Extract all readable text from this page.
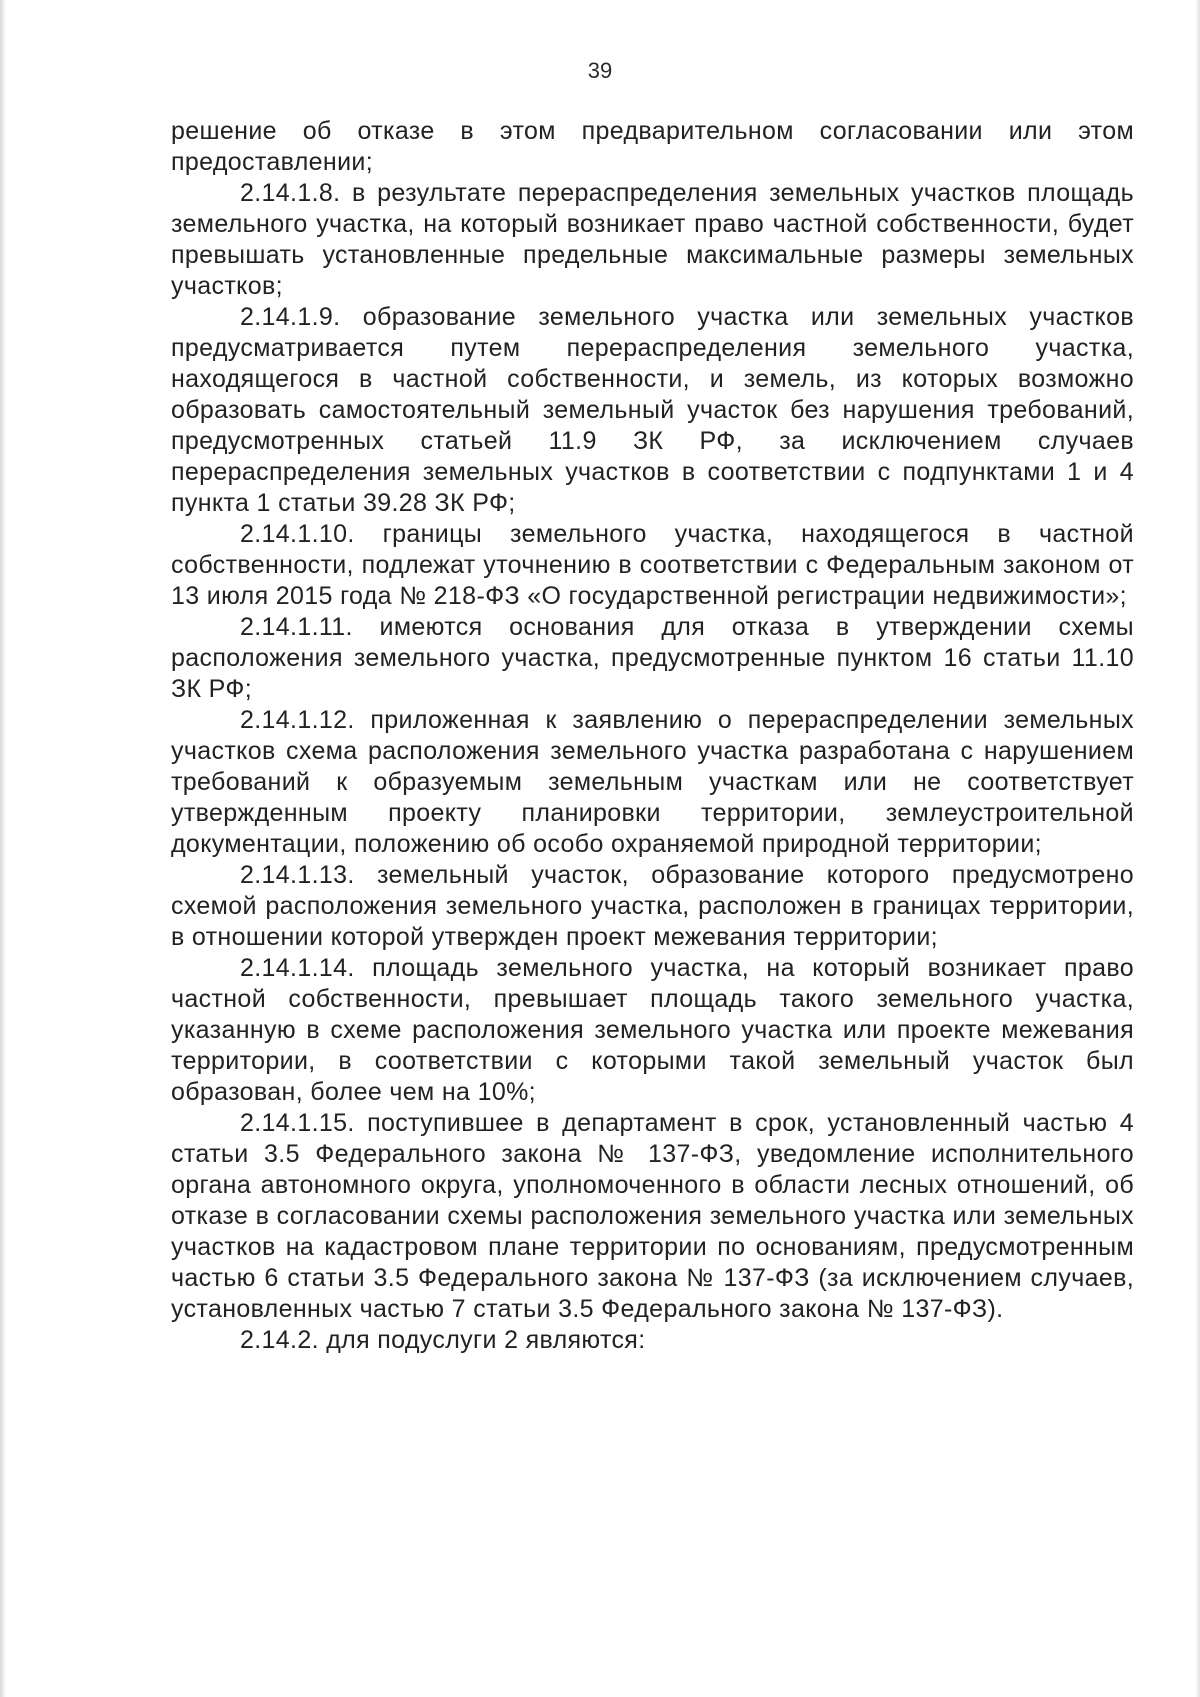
39

решение об отказе в этом предварительном согласовании или этом предоставлении;

2.14.1.8. в результате перераспределения земельных участков площадь земельного участка, на который возникает право частной собственности, будет превышать установленные предельные максимальные размеры земельных участков;

2.14.1.9. образование земельного участка или земельных участков предусматривается путем перераспределения земельного участка, находящегося в частной собственности, и земель, из которых возможно образовать самостоятельный земельный участок без нарушения требований, предусмотренных статьей 11.9 ЗК РФ, за исключением случаев перераспределения земельных участков в соответствии с подпунктами 1 и 4 пункта 1 статьи 39.28 ЗК РФ;

2.14.1.10. границы земельного участка, находящегося в частной собственности, подлежат уточнению в соответствии с Федеральным законом от 13 июля 2015 года № 218-ФЗ «О государственной регистрации недвижимости»;

2.14.1.11. имеются основания для отказа в утверждении схемы расположения земельного участка, предусмотренные пунктом 16 статьи 11.10 ЗК РФ;

2.14.1.12. приложенная к заявлению о перераспределении земельных участков схема расположения земельного участка разработана с нарушением требований к образуемым земельным участкам или не соответствует утвержденным проекту планировки территории, землеустроительной документации, положению об особо охраняемой природной территории;

2.14.1.13. земельный участок, образование которого предусмотрено схемой расположения земельного участка, расположен в границах территории, в отношении которой утвержден проект межевания территории;

2.14.1.14. площадь земельного участка, на который возникает право частной собственности, превышает площадь такого земельного участка, указанную в схеме расположения земельного участка или проекте межевания территории, в соответствии с которыми такой земельный участок был образован, более чем на 10%;

2.14.1.15. поступившее в департамент в срок, установленный частью 4 статьи 3.5 Федерального закона № 137-ФЗ, уведомление исполнительного органа автономного округа, уполномоченного в области лесных отношений, об отказе в согласовании схемы расположения земельного участка или земельных участков на кадастровом плане территории по основаниям, предусмотренным частью 6 статьи 3.5 Федерального закона № 137-ФЗ (за исключением случаев, установленных частью 7 статьи 3.5 Федерального закона № 137-ФЗ).

2.14.2. для подуслуги 2 являются:
